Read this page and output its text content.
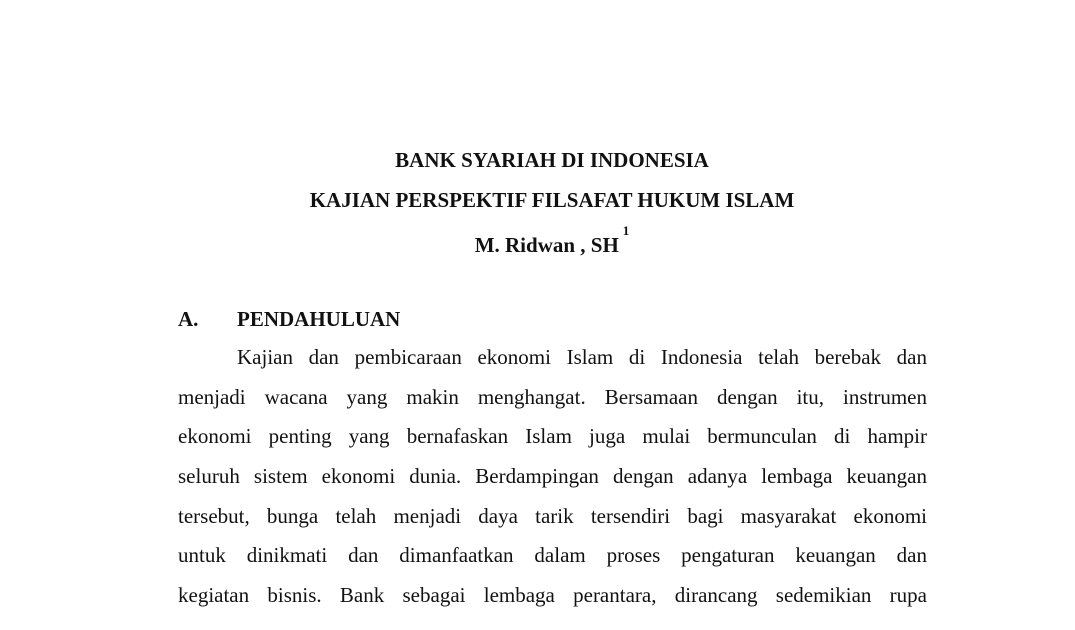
BANK SYARIAH DI INDONESIA
KAJIAN PERSPEKTIF FILSAFAT HUKUM ISLAM
M. Ridwan , SH$^1$
A. PENDAHULUAN
Kajian dan pembicaraan ekonomi Islam di Indonesia telah berebak dan
menjadi wacana yang makin menghangat. Bersamaan dengan itu, instrumen
ekonomi penting yang bernafaskan Islam juga mulai bermunculan di hampir
seluruh sistem ekonomi dunia. Berdampingan dengan adanya lembaga keuangan
tersebut, bunga telah menjadi daya tarik tersendiri bagi masyarakat ekonomi
untuk dinikmati dan dimanfaatkan dalam proses pengaturan keuangan dan
kegiatan bisnis. Bank sebagai lembaga perantara, dirancang sedemikian rupa
